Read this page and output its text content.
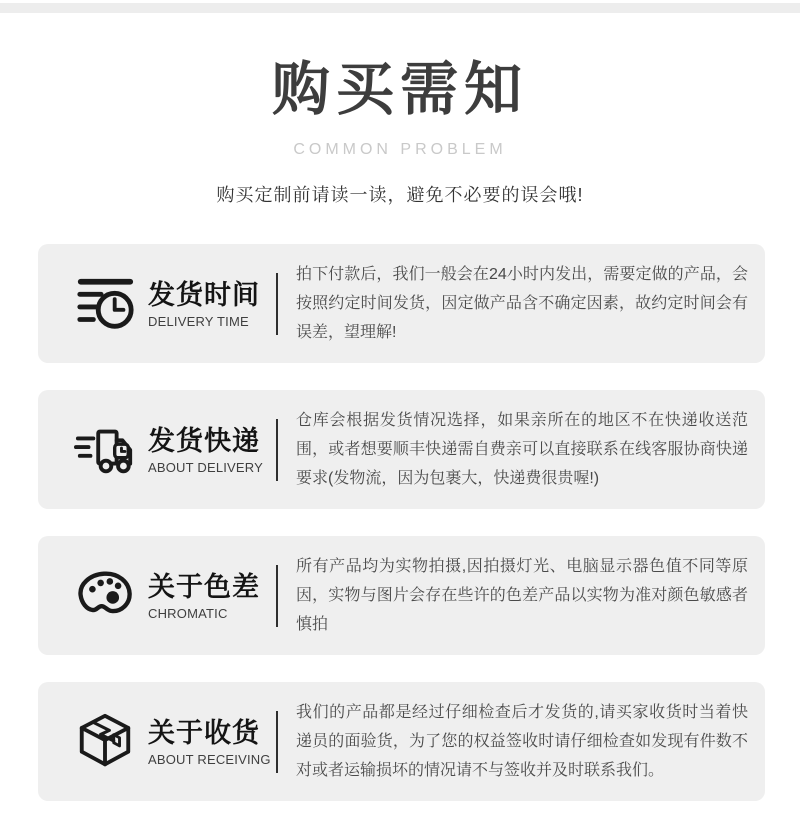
购买需知
COMMON PROBLEM
购买定制前请读一读，避免不必要的误会哦!
发货时间
DELIVERY TIME
拍下付款后，我们一般会在24小时内发出，需要定做的产品，会按照约定时间发货，因定做产品含不确定因素，故约定时间会有误差，望理解!
发货快递
ABOUT DELIVERY
仓库会根据发货情况选择，如果亲所在的地区不在快递收送范围，或者想要顺丰快递需自费亲可以直接联系在线客服协商快递要求(发物流，因为包裹大，快递费很贵喔!)
关于色差
CHROMATIC
所有产品均为实物拍摄,因拍摄灯光、电脑显示器色值不同等原因，实物与图片会存在些许的色差产品以实物为准对颜色敏感者慎拍
关于收货
ABOUT RECEIVING
我们的产品都是经过仔细检查后才发货的,请买家收货时当着快递员的面验货，为了您的权益签收时请仔细检查如发现有件数不对或者运输损坏的情况请不与签收并及时联系我们。
